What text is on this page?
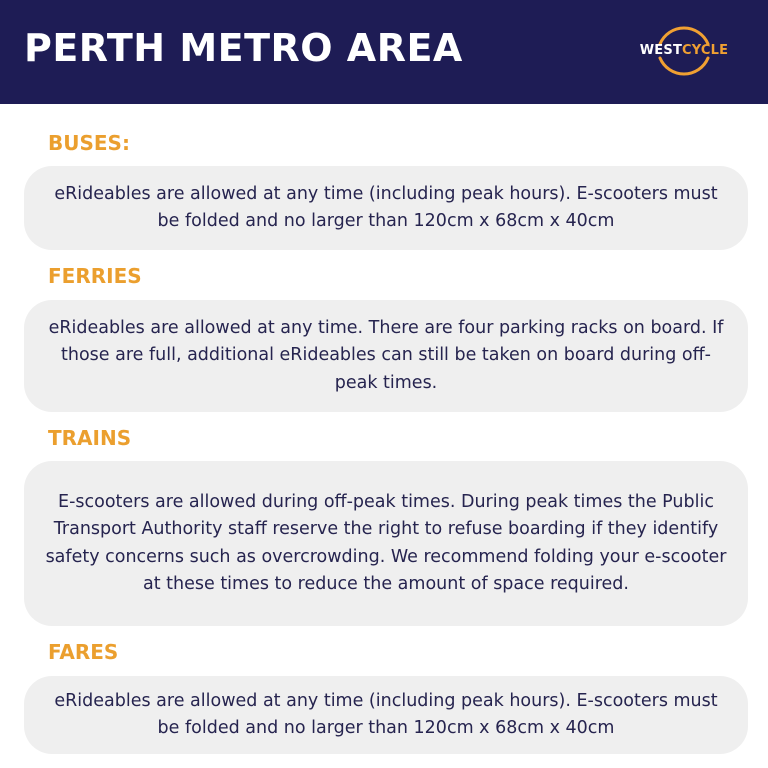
PERTH METRO AREA	WESTCYCLE
BUSES:

eRideables are allowed at any time (including peak hours). E-scooters must be folded and no larger than 120cm x 68cm x 40cm

FERRIES

eRideables are allowed at any time. There are four parking racks on board. If those are full, additional eRideables can still be taken on board during off-peak times.

TRAINS

E-scooters are allowed during off-peak times. During peak times the Public Transport Authority staff reserve the right to refuse boarding if they identify safety concerns such as overcrowding. We recommend folding your e-scooter at these times to reduce the amount of space required.

FARES

eRideables are allowed at any time (including peak hours). E-scooters must be folded and no larger than 120cm x 68cm x 40cm
